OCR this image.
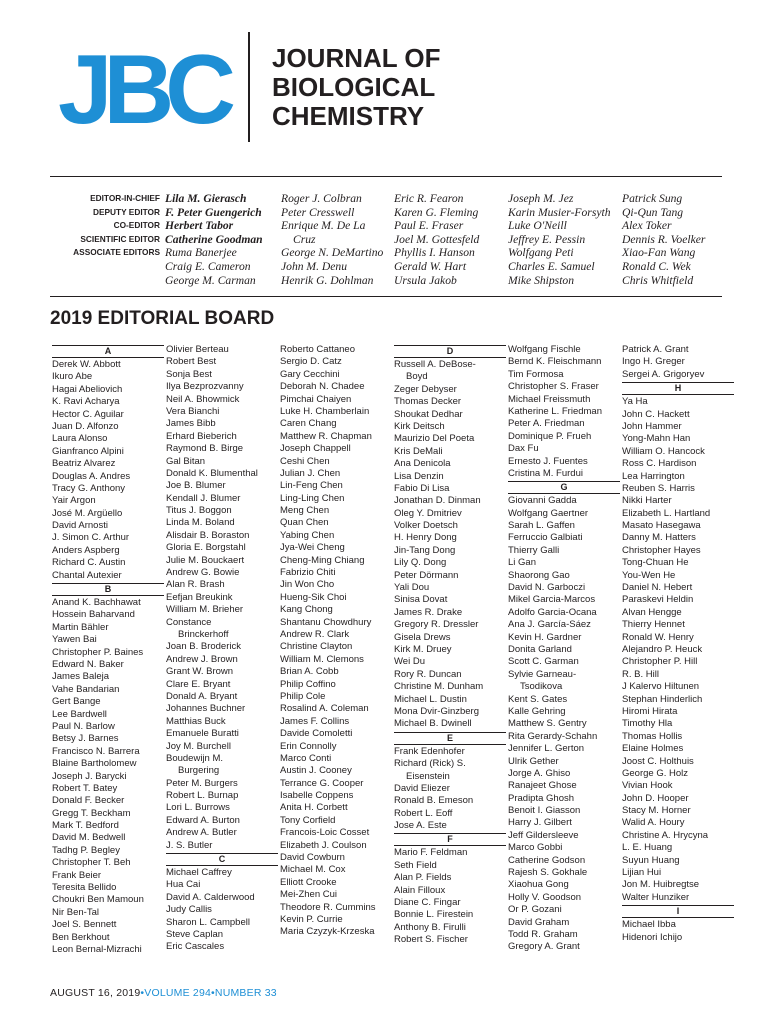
JBC JOURNAL OF
BIOLOGICAL
CHEMISTRY
EDITOR-IN-CHIEF
DEPUTY EDITOR
CO-EDITOR
SCIENTIFIC EDITOR
ASSOCIATE EDITORS
Lila M. Gierasch
F. Peter Guengerich
Herbert Tabor
Catherine Goodman
Ruma Banerjee
Craig E. Cameron
George M. Carman
Roger J. Colbran
Peter Cresswell
Enrique M. De La
Cruz
George N. DeMartino
John M. Denu
Henrik G. Dohlman
Eric R. Fearon
Karen G. Fleming
Paul E. Fraser
Joel M. Gottesfeld
Phyllis I. Hanson
Gerald W. Hart
Ursula Jakob
Joseph M. Jez
Karin Musier-Forsyth
Luke O'Neill
Jeffrey E. Pessin
Wolfgang Peti
Charles E. Samuel
Mike Shipston
Patrick Sung
Qi-Qun Tang
Alex Toker
Dennis R. Voelker
Xiao-Fan Wang
Ronald C. Wek
Chris Whitfield
2019 EDITORIAL BOARD
A
Derek W. Abbott
Ikuro Abe
Hagai Abeliovich
K. Ravi Acharya
Hector C. Aguilar
Juan D. Alfonzo
Laura Alonso
Gianfranco Alpini
Beatriz Alvarez
Douglas A. Andres
Tracy G. Anthony
Yair Argon
José M. Argüello
David Arnosti
J. Simon C. Arthur
Anders Aspberg
Richard C. Austin
Chantal Autexier
B
Anand K. Bachhawat
Hossein Baharvand
Martin Bähler
Yawen Bai
Christopher P. Baines
Edward N. Baker
James Baleja
Vahe Bandarian
Gert Bange
Lee Bardwell
Paul N. Barlow
Betsy J. Barnes
Francisco N. Barrera
Blaine Bartholomew
Joseph J. Barycki
Robert T. Batey
Donald F. Becker
Gregg T. Beckham
Mark T. Bedford
David M. Bedwell
Tadhg P. Begley
Christopher T. Beh
Frank Beier
Teresita Bellido
Choukri Ben Mamoun
Nir Ben-Tal
Joel S. Bennett
Ben Berkhout
Leon Bernal-Mizrachi
Olivier Berteau
Robert Best
Sonja Best
Ilya Bezprozvanny
Neil A. Bhowmick
Vera Bianchi
James Bibb
Erhard Bieberich
Raymond B. Birge
Gal Bitan
Donald K. Blumenthal
Joe B. Blumer
Kendall J. Blumer
Titus J. Boggon
Linda M. Boland
Alisdair B. Boraston
Gloria E. Borgstahl
Julie M. Bouckaert
Andrew G. Bowie
Alan R. Brash
Eefjan Breukink
William M. Brieher
Constance
Brinckerhoff
Joan B. Broderick
Andrew J. Brown
Grant W. Brown
Clare E. Bryant
Donald A. Bryant
Johannes Buchner
Matthias Buck
Emanuele Buratti
Joy M. Burchell
Boudewijn M.
Burgering
Peter M. Burgers
Robert L. Burnap
Lori L. Burrows
Edward A. Burton
Andrew A. Butler
J. S. Butler
C
Michael Caffrey
Hua Cai
David A. Calderwood
Judy Callis
Sharon L. Campbell
Steve Caplan
Eric Cascales
Roberto Cattaneo
Sergio D. Catz
Gary Cecchini
Deborah N. Chadee
Pimchai Chaiyen
Luke H. Chamberlain
Caren Chang
Matthew R. Chapman
Joseph Chappell
Ceshi Chen
Julian J. Chen
Lin-Feng Chen
Ling-Ling Chen
Meng Chen
Quan Chen
Yabing Chen
Jya-Wei Cheng
Cheng-Ming Chiang
Fabrizio Chiti
Jin Won Cho
Hueng-Sik Choi
Kang Chong
Shantanu Chowdhury
Andrew R. Clark
Christine Clayton
William M. Clemons
Brian A. Cobb
Philip Coffino
Philip Cole
Rosalind A. Coleman
James F. Collins
Davide Comoletti
Erin Connolly
Marco Conti
Austin J. Cooney
Terrance G. Cooper
Isabelle Coppens
Anita H. Corbett
Tony Corfield
Francois-Loic Cosset
Elizabeth J. Coulson
David Cowburn
Michael M. Cox
Elliott Crooke
Mei-Zhen Cui
Theodore R. Cummins
Kevin P. Currie
Maria Czyzyk-Krzeska
D
Russell A. DeBose-
Boyd
Zeger Debyser
Thomas Decker
Shoukat Dedhar
Kirk Deitsch
Maurizio Del Poeta
Kris DeMali
Ana Denicola
Lisa Denzin
Fabio Di Lisa
Jonathan D. Dinman
Oleg Y. Dmitriev
Volker Doetsch
H. Henry Dong
Jin-Tang Dong
Lily Q. Dong
Peter Dörmann
Yali Dou
Sinisa Dovat
James R. Drake
Gregory R. Dressler
Gisela Drews
Kirk M. Druey
Wei Du
Rory R. Duncan
Christine M. Dunham
Michael L. Dustin
Mona Dvir-Ginzberg
Michael B. Dwinell
E
Frank Edenhofer
Richard (Rick) S.
Eisenstein
David Eliezer
Ronald B. Emeson
Robert L. Eoff
Jose A. Este
F
Mario F. Feldman
Seth Field
Alan P. Fields
Alain Filloux
Diane C. Fingar
Bonnie L. Firestein
Anthony B. Firulli
Robert S. Fischer
Wolfgang Fischle
Bernd K. Fleischmann
Tim Formosa
Christopher S. Fraser
Michael Freissmuth
Katherine L. Friedman
Peter A. Friedman
Dominique P. Frueh
Dax Fu
Ernesto J. Fuentes
Cristina M. Furdui
G
Giovanni Gadda
Wolfgang Gaertner
Sarah L. Gaffen
Ferruccio Galbiati
Thierry Galli
Li Gan
Shaorong Gao
David N. Garboczi
Mikel Garcia-Marcos
Adolfo Garcia-Ocana
Ana J. García-Sáez
Kevin H. Gardner
Donita Garland
Scott C. Garman
Sylvie Garneau-
Tsodikova
Kent S. Gates
Kalle Gehring
Matthew S. Gentry
Rita Gerardy-Schahn
Jennifer L. Gerton
Ulrik Gether
Jorge A. Ghiso
Ranajeet Ghose
Pradipta Ghosh
Benoit I. Giasson
Harry J. Gilbert
Jeff Gildersleeve
Marco Gobbi
Catherine Godson
Rajesh S. Gokhale
Xiaohua Gong
Holly V. Goodson
Or P. Gozani
David Graham
Todd R. Graham
Gregory A. Grant
Patrick A. Grant
Ingo H. Greger
Sergei A. Grigoryev
H
Ya Ha
John C. Hackett
John Hammer
Yong-Mahn Han
William O. Hancock
Ross C. Hardison
Lea Harrington
Reuben S. Harris
Nikki Harter
Elizabeth L. Hartland
Masato Hasegawa
Danny M. Hatters
Christopher Hayes
Tong-Chuan He
You-Wen He
Daniel N. Hebert
Paraskevi Heldin
Alvan Hengge
Thierry Hennet
Ronald W. Henry
Alejandro P. Heuck
Christopher P. Hill
R. B. Hill
J Kalervo Hiltunen
Stephan Hinderlich
Hiromi Hirata
Timothy Hla
Thomas Hollis
Elaine Holmes
Joost C. Holthuis
George G. Holz
Vivian Hook
John D. Hooper
Stacy M. Horner
Walid A. Houry
Christine A. Hrycyna
L. E. Huang
Suyun Huang
Lijian Hui
Jon M. Huibregtse
Walter Hunziker
I
Michael Ibba
Hidenori Ichijo
AUGUST 16, 2019•VOLUME 294•NUMBER 33
